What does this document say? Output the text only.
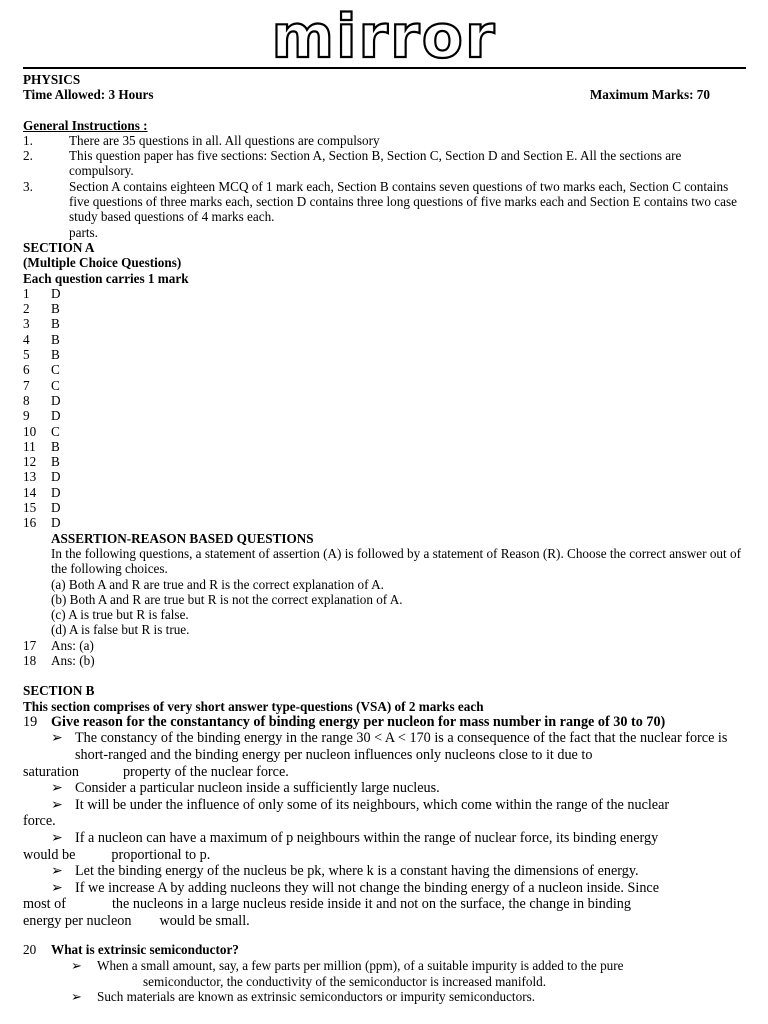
mirror
PHYSICS
Time Allowed: 3 Hours	Maximum Marks: 70
General Instructions :
1.	There are 35 questions in all. All questions are compulsory
2.	This question paper has five sections: Section A, Section B, Section C, Section D and Section E. All the sections are compulsory.
3.	Section A contains eighteen MCQ of 1 mark each, Section B contains seven questions of two marks each, Section C contains five questions of three marks each, section D contains three long questions of five marks each and Section E contains two case study based questions of 4 marks each.
parts.
SECTION A
(Multiple Choice Questions)
Each question carries 1 mark
1	D
2	B
3	B
4	B
5	B
6	C
7	C
8	D
9	D
10	C
11	B
12	B
13	D
14	D
15	D
16	D
ASSERTION-REASON BASED QUESTIONS
In the following questions, a statement of assertion (A) is followed by a statement of Reason (R). Choose the correct answer out of the following choices.
(a) Both A and R are true and R is the correct explanation of A.
(b) Both A and R are true but R is not the correct explanation of A.
(c) A is true but R is false.
(d) A is false but R is true.
17	Ans: (a)
18	Ans: (b)
SECTION B
This section comprises of very short answer type-questions (VSA) of 2 marks each
19 Give reason for the constantancy of binding energy per nucleon for mass number in range of 30 to 70)
➢ The constancy of the binding energy in the range 30 < A < 170 is a consequence of the fact that the nuclear force is short-ranged and the binding energy per nucleon influences only nucleons close to it due to
saturation	property of the nuclear force.
➢ Consider a particular nucleon inside a sufficiently large nucleus.
➢ It will be under the influence of only some of its neighbours, which come within the range of the nuclear
force.
➢ If a nucleon can have a maximum of p neighbours within the range of nuclear force, its binding energy
would be	proportional to p.
➢ Let the binding energy of the nucleus be pk, where k is a constant having the dimensions of energy.
➢ If we increase A by adding nucleons they will not change the binding energy of a nucleon inside. Since
most of	the nucleons in a large nucleus reside inside it and not on the surface, the change in binding
energy per nucleon would be small.
20	What is extrinsic semiconductor?
➢	When a small amount, say, a few parts per million (ppm), of a suitable impurity is added to the pure
semiconductor, the conductivity of the semiconductor is increased manifold.
➢	Such materials are known as extrinsic semiconductors or impurity semiconductors.
